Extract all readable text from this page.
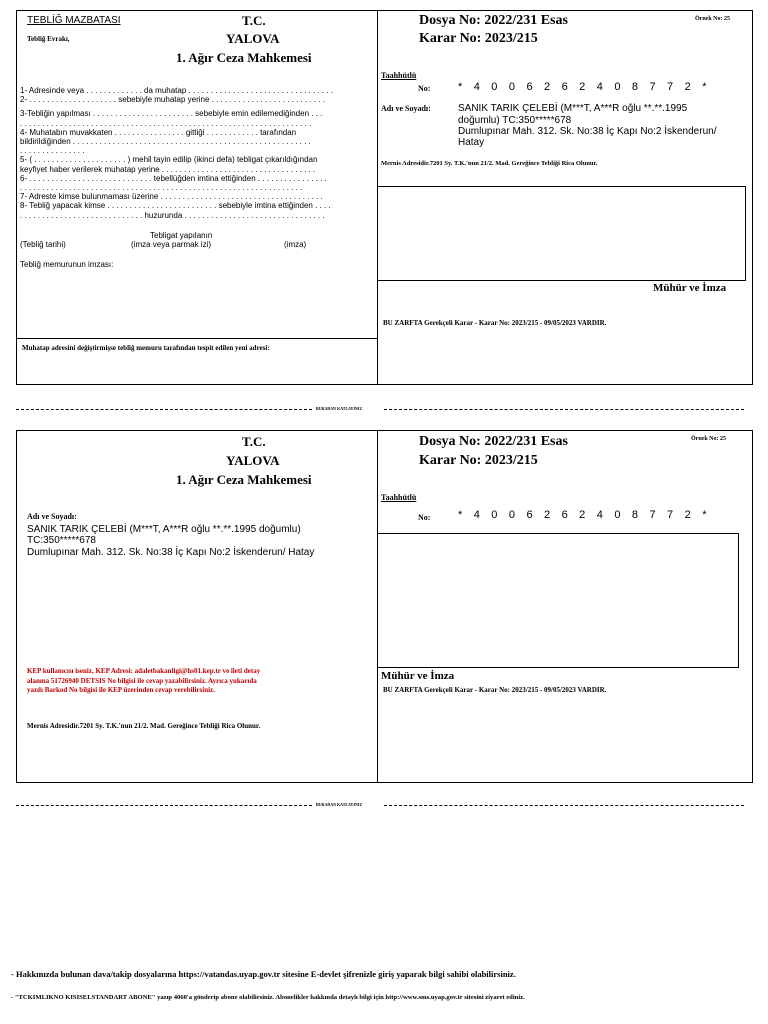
TEBLİĞ MAZBATASI
Tebliğ Evrakı,
T.C.
YALOVA
1. Ağır Ceza Mahkemesi
Dosya No: 2022/231 Esas
Karar No: 2023/215
Örnek No: 25
Taahhütlü
No:	* 4 0 0 6 2 6 2 4 0 8 7 7 2 *
Adı ve Soyadı:	SANIK TARIK ÇELEBİ (M***T, A***R oğlu **.**.1995
doğumlu) TC:350*****678
Dumlupınar Mah. 312. Sk. No:38 İç Kapı No:2 İskenderun/
Hatay
Mernis Adresidir.7201 Sy. T.K.'nun 21/2. Mad. Gereğince Tebliği Rica Olunur.
Mühür ve İmza
BU ZARFTA Gerekçeli Karar - Karar No: 2023/215 - 09/05/2023 VARDIR.
1- Adresinde veya . . . . . . . . . . . . . da muhatap . . . . . . . . . . . . . . . . . . . . . . . . . . . . . . . . .
2- . . . . . . . . . . . . . . . . . . . . sebebiyle muhatap yerine . . . . . . . . . . . . . . . . . . . . . . . . . .
3-Tebliğin yapılması . . . . . . . . . . . . . . . . . . . . . . . sebebiyle emin edilemediğinden . . .
. . . . . . . . . . . . . . . . . . . . . . . . . . . . . . . . . . . . . . . . . . . . . . . . . . . . . . . . . . . . . . . . . .
4- Muhatabın muvakkaten . . . . . . . . . . . . . . . . gittiği . . . . . . . . . . . . tarafından
bildirildiğinden . . . . . . . . . . . . . . . . . . . . . . . . . . . . . . . . . . . . . . . . . . . . . . . . . . . . . .
. . . . . . . . . . . . . . .
5- ( . . . . . . . . . . . . . . . . . . . . . ) mehil tayin edilip (ikinci defa) tebligat çıkarıldığından
keyfiyet haber verilerek muhatap yerine . . . . . . . . . . . . . . . . . . . . . . . . . . . . . . . . . . .
6- . . . . . . . . . . . . . . . . . . . . . . . . . . . . tebellüğden imtina ettiğinden . . . . . . . . . . . . . . . .
. . . . . . . . . . . . . . . . . . . . . . . . . . . . . . . . . . . . . . . . . . . . . . . . . . . . . . . . . . . . . . . .
7- Adreste kimse bulunmaması üzerine . . . . . . . . . . . . . . . . . . . . . . . . . . . . . . . . . . . . .
8- Tebliğ yapacak kimse . . . . . . . . . . . . . . . . . . . . . . . . . sebebiyle imtina ettiğinden . . . .
. . . . . . . . . . . . . . . . . . . . . . . . . . . . huzurunda . . . . . . . . . . . . . . . . . . . . . . . . . . . . . . . .
Tebligat yapılanın
(Tebliğ tarihi)	(imza veya parmak izi)	(imza)
Tebliğ memurunun imzası:
Muhatap adresini değiştirmişse tebliğ memuru tarafından tespit edilen yeni adresi:
BURADAN KATLAYINIZ
T.C.
YALOVA
1. Ağır Ceza Mahkemesi
Dosya No: 2022/231 Esas
Karar No: 2023/215
Örnek No: 25
Taahhütlü
No:	* 4 0 0 6 2 6 2 4 0 8 7 7 2 *
Adı ve Soyadı:
SANIK TARIK ÇELEBİ (M***T, A***R oğlu **.**.1995 doğumlu)
TC:350*****678
Dumlupınar Mah. 312. Sk. No:38 İç Kapı No:2 İskenderun/ Hatay
KEP kullanıcısı iseniz, KEP Adresi: adaletbakanligi@hs01.kep.tr ve ileti detay
alanına 51726940 DETSIS No bilgisi ile cevap yazabilirsiniz. Ayrıca yukarıda
yazılı Barkod No bilgisi ile KEP üzerinden cevap verebilirsiniz.
Mühür ve İmza
BU ZARFTA Gerekçeli Karar - Karar No: 2023/215 - 09/05/2023 VARDIR.
Mernis Adresidir.7201 Sy. T.K.'nun 21/2. Mad. Gereğince Tebliği Rica Olunur.
BURADAN KATLAYINIZ
- Hakkınızda bulunan dava/takip dosyalarına https://vatandas.uyap.gov.tr sitesine E-devlet şifrenizle giriş yaparak bilgi sahibi olabilirsiniz.
- "TCKIMLIKNO KISISELSTANDART ABONE" yazıp 4060'a gönderip abone olabilirsiniz. Abonelikler hakkında detaylı bilgi için http://www.sms.uyap.gov.tr sitesini ziyaret ediniz.
